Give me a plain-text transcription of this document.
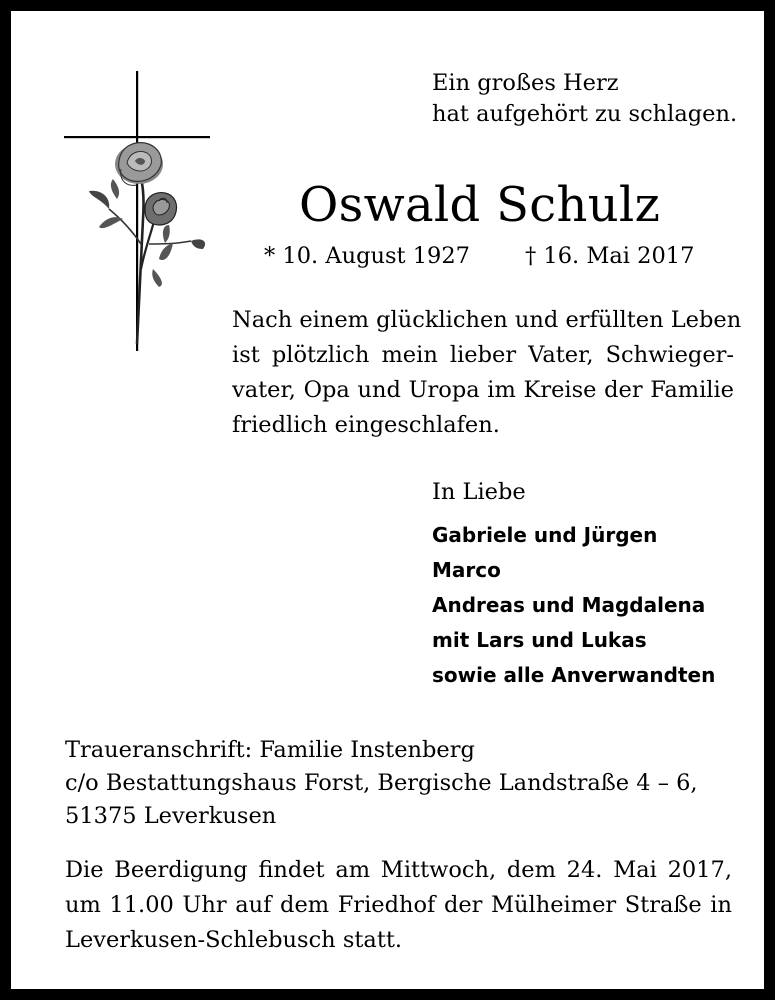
Ein großes Herz
hat aufgehört zu schlagen.
Oswald Schulz
* 10. August 1927 † 16. Mai 2017
Nach einem glücklichen und erfüllten Leben
ist plötzlich mein lieber Vater, Schwieger-
vater, Opa und Uropa im Kreise der Familie
friedlich eingeschlafen.
In Liebe
Gabriele und Jürgen
Marco
Andreas und Magdalena
mit Lars und Lukas
sowie alle Anverwandten
Traueranschrift: Familie Instenberg
c/o Bestattungshaus Forst, Bergische Landstraße 4 – 6,
51375 Leverkusen
Die Beerdigung findet am Mittwoch, dem 24. Mai 2017,
um 11.00 Uhr auf dem Friedhof der Mülheimer Straße in
Leverkusen-Schlebusch statt.
